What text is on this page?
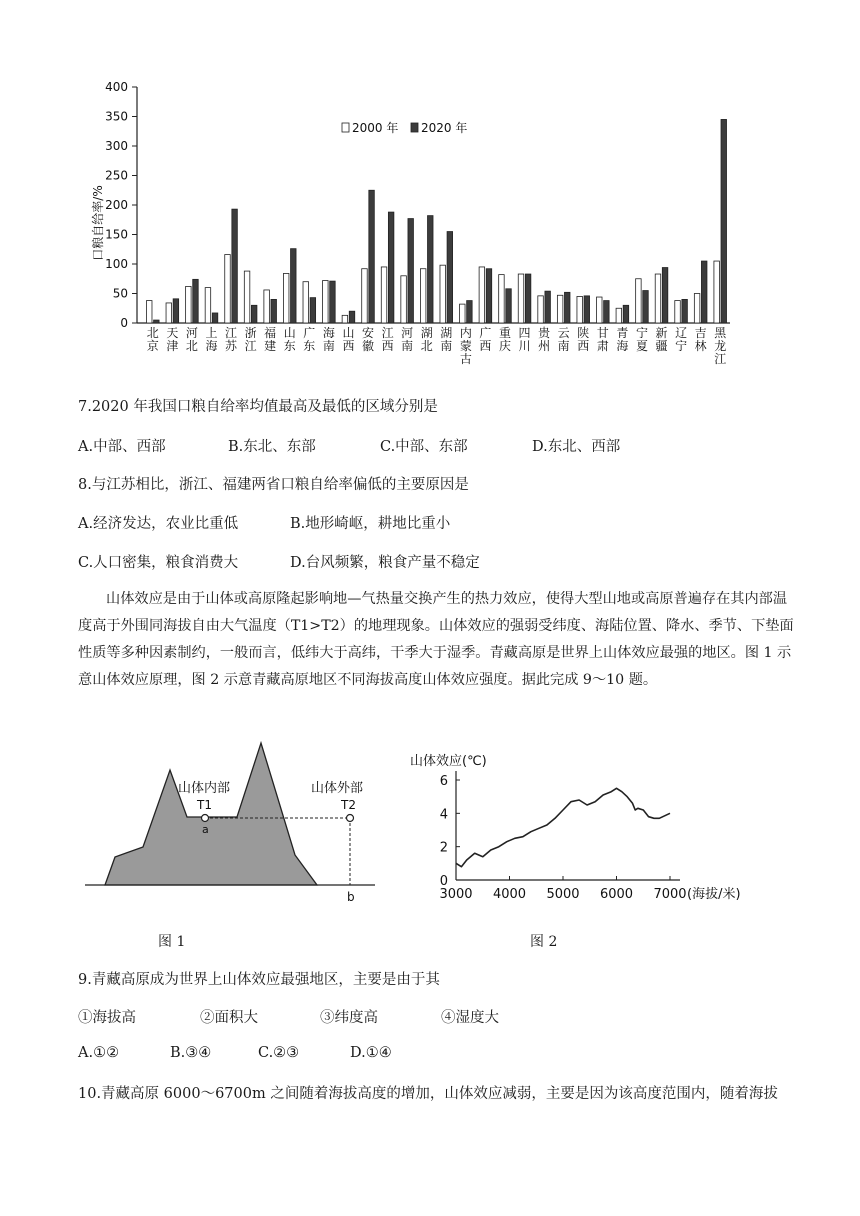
0
50
100
150
200
250
300
350
400
口粮自给率/%
北
京
天
津
河
北
上
海
江
苏
浙
江
福
建
山
东
广
东
海
南
山
西
安
徽
江
西
河
南
湖
北
湖
南
内
蒙
古
广
西
重
庆
四
川
贵
州
云
南
陕
西
甘
肃
青
海
宁
夏
新
疆
辽
宁
吉
林
黑
龙
江
2000 年 2020 年
7.2020 年我国口粮自给率均值最高及最低的区域分别是
A.中部、西部	B.东北、东部	C.中部、东部	D.东北、西部
8.与江苏相比，浙江、福建两省口粮自给率偏低的主要原因是
A.经济发达，农业比重低	B.地形崎岖，耕地比重小
C.人口密集，粮食消费大	D.台风频繁，粮食产量不稳定
山体效应是由于山体或高原隆起影响地—气热量交换产生的热力效应，使得大型山地或高原普遍存在其内部温度高于外围同海拔自由大气温度（T1>T2）的地理现象。山体效应的强弱受纬度、海陆位置、降水、季节、下垫面性质等多种因素制约，一般而言，低纬大于高纬，干季大于湿季。青藏高原是世界上山体效应最强的地区。图 1 示意山体效应原理，图 2 示意青藏高原地区不同海拔高度山体效应强度。据此完成 9～10 题。
山体内部
T1
a
山体外部
T2
b
图 1
山体效应(℃)
0
2
4
6
3000 4000 5000 6000 7000 (海拔/米)
图 2
9.青藏高原成为世界上山体效应最强地区，主要是由于其
①海拔高	②面积大	③纬度高	④湿度大
A.①②	B.③④	C.②③	D.①④
10.青藏高原 6000～6700m 之间随着海拔高度的增加，山体效应减弱，主要是因为该高度范围内，随着海拔
